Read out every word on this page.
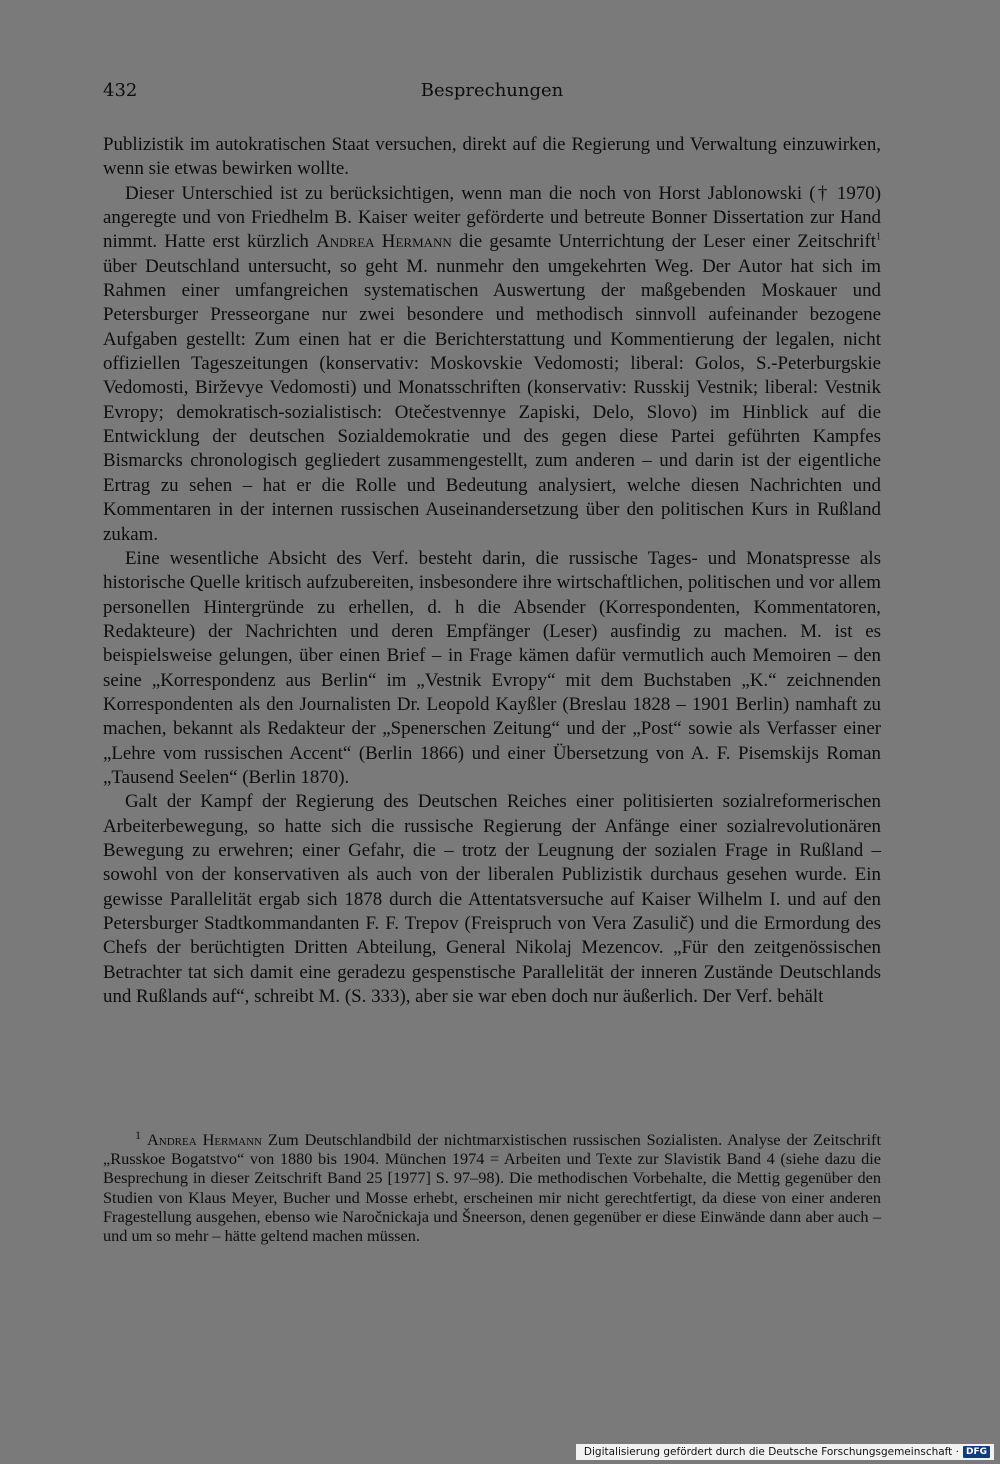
432	Besprechungen

Publizistik im autokratischen Staat versuchen, direkt auf die Regierung und Verwaltung einzuwirken, wenn sie etwas bewirken wollte.

Dieser Unterschied ist zu berücksichtigen, wenn man die noch von Horst Jablonowski († 1970) angeregte und von Friedhelm B. Kaiser weiter geförderte und betreute Bonner Dissertation zur Hand nimmt. Hatte erst kürzlich Andrea Hermann die gesamte Unterrichtung der Leser einer Zeitschrift$^1$ über Deutschland untersucht, so geht M. nunmehr den umgekehrten Weg. Der Autor hat sich im Rahmen einer umfangreichen systematischen Auswertung der maßgebenden Moskauer und Petersburger Presseorgane nur zwei besondere und methodisch sinnvoll aufeinander bezogene Aufgaben gestellt: Zum einen hat er die Berichterstattung und Kommentierung der legalen, nicht offiziellen Tageszeitungen (konservativ: Moskovskie Vedomosti; liberal: Golos, S.-Peterburgskie Vedomosti, Birževye Vedomosti) und Monatsschriften (konservativ: Russkij Vestnik; liberal: Vestnik Evropy; demokratisch-sozialistisch: Otečestvennye Zapiski, Delo, Slovo) im Hinblick auf die Entwicklung der deutschen Sozialdemokratie und des gegen diese Partei geführten Kampfes Bismarcks chronologisch gegliedert zusammengestellt, zum anderen – und darin ist der eigentliche Ertrag zu sehen – hat er die Rolle und Bedeutung analysiert, welche diesen Nachrichten und Kommentaren in der internen russischen Auseinandersetzung über den politischen Kurs in Rußland zukam.

Eine wesentliche Absicht des Verf. besteht darin, die russische Tages- und Monatspresse als historische Quelle kritisch aufzubereiten, insbesondere ihre wirtschaftlichen, politischen und vor allem personellen Hintergründe zu erhellen, d. h die Absender (Korrespondenten, Kommentatoren, Redakteure) der Nachrichten und deren Empfänger (Leser) ausfindig zu machen. M. ist es beispielsweise gelungen, über einen Brief – in Frage kämen dafür vermutlich auch Memoiren – den seine „Korrespondenz aus Berlin“ im „Vestnik Evropy“ mit dem Buchstaben „K.“ zeichnenden Korrespondenten als den Journalisten Dr. Leopold Kayßler (Breslau 1828 – 1901 Berlin) namhaft zu machen, bekannt als Redakteur der „Spenerschen Zeitung“ und der „Post“ sowie als Verfasser einer „Lehre vom russischen Accent“ (Berlin 1866) und einer Übersetzung von A. F. Pisemskijs Roman „Tausend Seelen“ (Berlin 1870).

Galt der Kampf der Regierung des Deutschen Reiches einer politisierten sozialreformerischen Arbeiterbewegung, so hatte sich die russische Regierung der Anfänge einer sozialrevolutionären Bewegung zu erwehren; einer Gefahr, die – trotz der Leugnung der sozialen Frage in Rußland – sowohl von der konservativen als auch von der liberalen Publizistik durchaus gesehen wurde. Ein gewisse Parallelität ergab sich 1878 durch die Attentatsversuche auf Kaiser Wilhelm I. und auf den Petersburger Stadtkommandanten F. F. Trepov (Freispruch von Vera Zasulič) und die Ermordung des Chefs der berüchtigten Dritten Abteilung, General Nikolaj Mezencov. „Für den zeitgenössischen Betrachter tat sich damit eine geradezu gespenstische Parallelität der inneren Zustände Deutschlands und Rußlands auf“, schreibt M. (S. 333), aber sie war eben doch nur äußerlich. Der Verf. behält

$^1$ Andrea Hermann Zum Deutschlandbild der nichtmarxistischen russischen Sozialisten. Analyse der Zeitschrift „Russkoe Bogatstvo“ von 1880 bis 1904. München 1974 = Arbeiten und Texte zur Slavistik Band 4 (siehe dazu die Besprechung in dieser Zeitschrift Band 25 [1977] S. 97–98). Die methodischen Vorbehalte, die Mettig gegenüber den Studien von Klaus Meyer, Bucher und Mosse erhebt, erscheinen mir nicht gerechtfertigt, da diese von einer anderen Fragestellung ausgehen, ebenso wie Naročnickaja und Šneerson, denen gegenüber er diese Einwände dann aber auch – und um so mehr – hätte geltend machen müssen.

Digitalisierung gefördert durch die Deutsche Forschungsgemeinschaft · DFG
